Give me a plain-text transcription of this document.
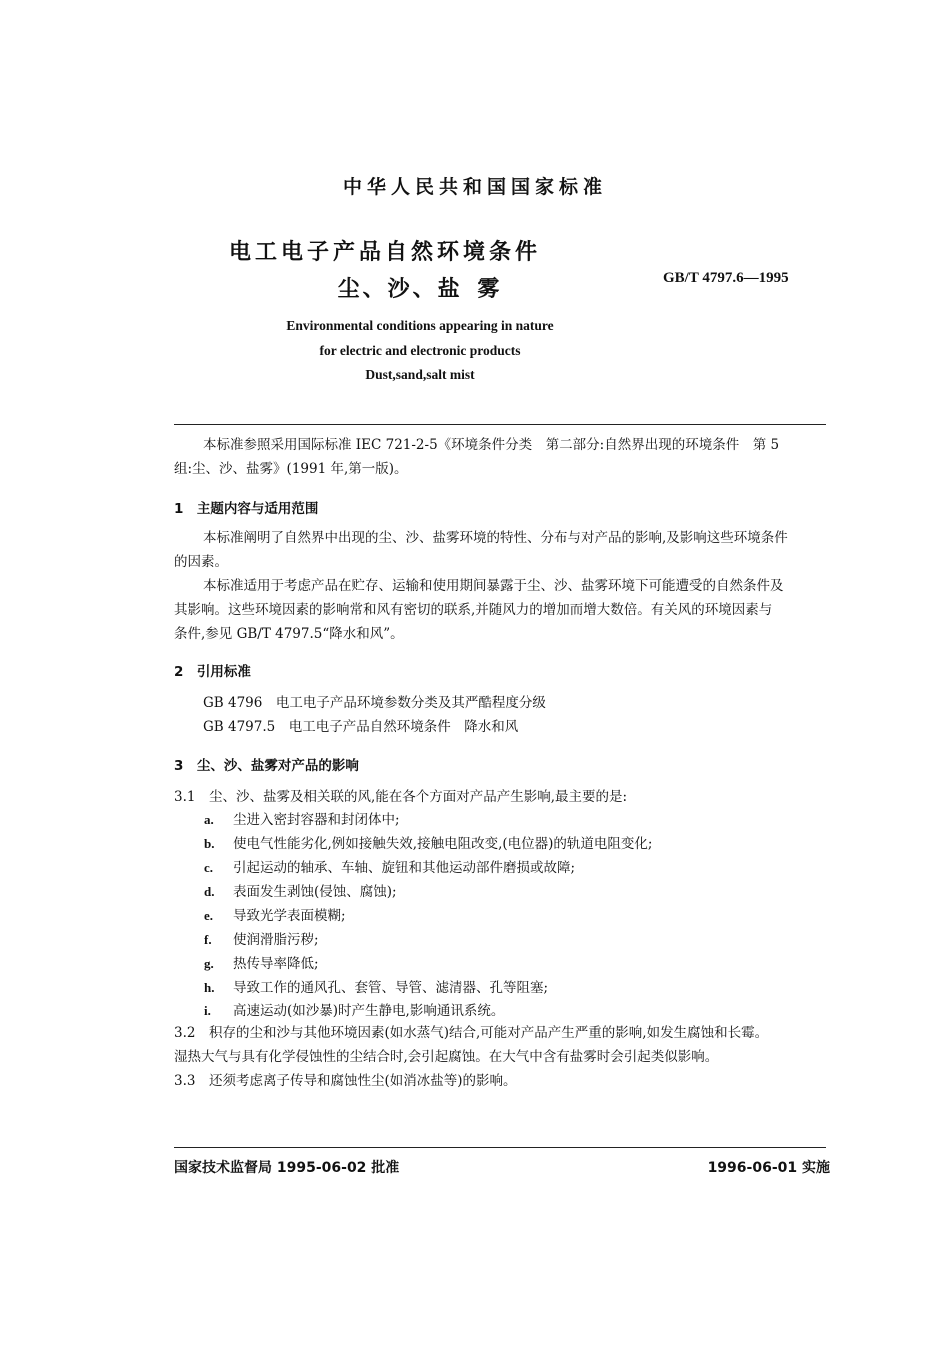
中华人民共和国国家标准
电工电子产品自然环境条件
尘、沙、盐 雾	GB/T 4797.6—1995
Environmental conditions appearing in nature
for electric and electronic products
Dust,sand,salt mist
本标准参照采用国际标准 IEC 721-2-5《环境条件分类　第二部分:自然界出现的环境条件　第 5
组:尘、沙、盐雾》(1991 年,第一版)。
1　主题内容与适用范围
本标准阐明了自然界中出现的尘、沙、盐雾环境的特性、分布与对产品的影响,及影响这些环境条件
的因素。
本标准适用于考虑产品在贮存、运输和使用期间暴露于尘、沙、盐雾环境下可能遭受的自然条件及
其影响。这些环境因素的影响常和风有密切的联系,并随风力的增加而增大数倍。有关风的环境因素与
条件,参见 GB/T 4797.5“降水和风”。
2　引用标准
GB 4796　电工电子产品环境参数分类及其严酷程度分级
GB 4797.5　电工电子产品自然环境条件　降水和风
3　尘、沙、盐雾对产品的影响
3.1　尘、沙、盐雾及相关联的风,能在各个方面对产品产生影响,最主要的是:
a. 尘进入密封容器和封闭体中;
b. 使电气性能劣化,例如接触失效,接触电阻改变,(电位器)的轨道电阻变化;
c. 引起运动的轴承、车轴、旋钮和其他运动部件磨损或故障;
d. 表面发生剥蚀(侵蚀、腐蚀);
e. 导致光学表面模糊;
f. 使润滑脂污秽;
g. 热传导率降低;
h. 导致工作的通风孔、套管、导管、滤清器、孔等阻塞;
i. 高速运动(如沙暴)时产生静电,影响通讯系统。
3.2　积存的尘和沙与其他环境因素(如水蒸气)结合,可能对产品产生严重的影响,如发生腐蚀和长霉。
湿热大气与具有化学侵蚀性的尘结合时,会引起腐蚀。在大气中含有盐雾时会引起类似影响。
3.3　还须考虑离子传导和腐蚀性尘(如消冰盐等)的影响。
国家技术监督局 1995-06-02 批准	1996-06-01 实施
